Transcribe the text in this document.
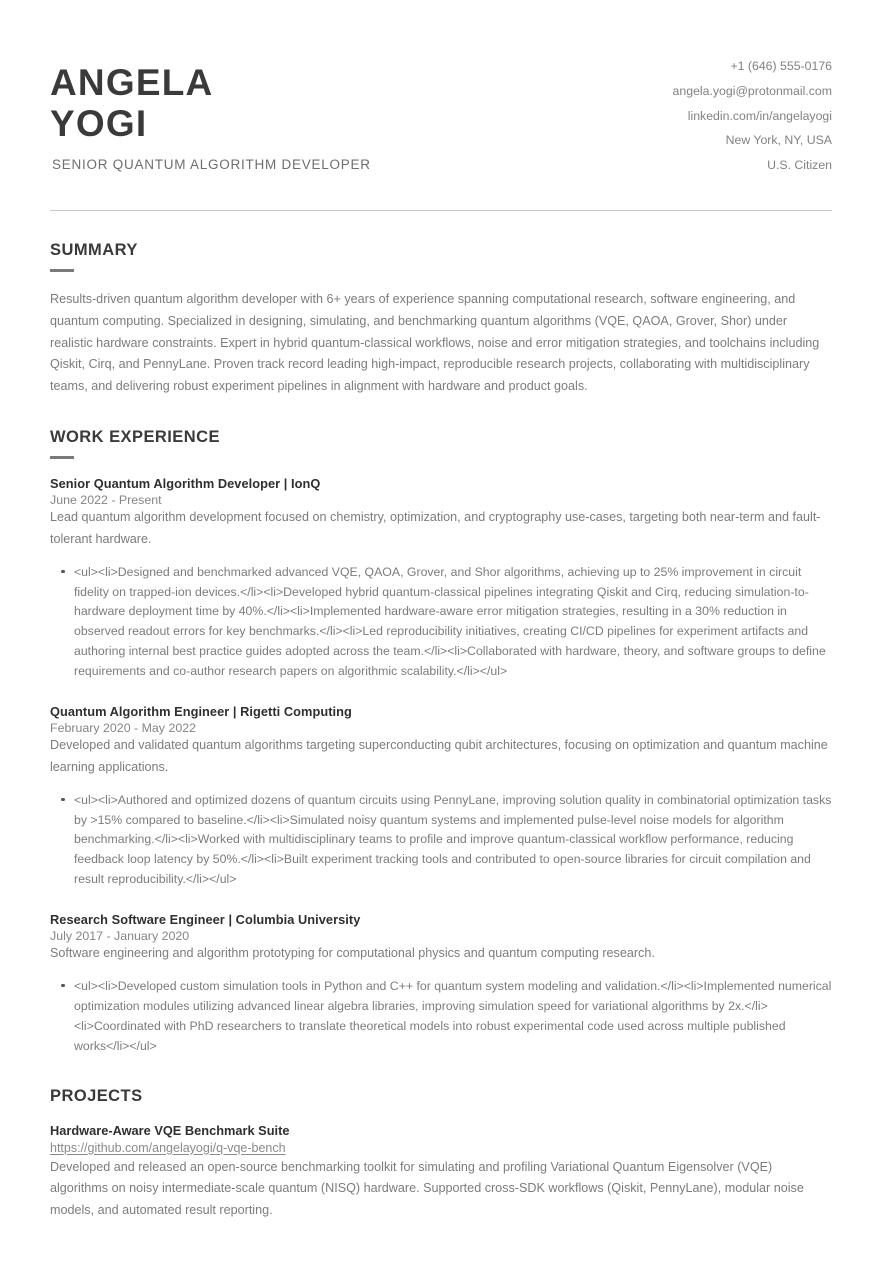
ANGELA
YOGI
SENIOR QUANTUM ALGORITHM DEVELOPER
+1 (646) 555-0176
angela.yogi@protonmail.com
linkedin.com/in/angelayogi
New York, NY, USA
U.S. Citizen
SUMMARY

Results-driven quantum algorithm developer with 6+ years of experience spanning computational research, software engineering, and quantum computing. Specialized in designing, simulating, and benchmarking quantum algorithms (VQE, QAOA, Grover, Shor) under realistic hardware constraints. Expert in hybrid quantum-classical workflows, noise and error mitigation strategies, and toolchains including Qiskit, Cirq, and PennyLane. Proven track record leading high-impact, reproducible research projects, collaborating with multidisciplinary teams, and delivering robust experiment pipelines in alignment with hardware and product goals.

WORK EXPERIENCE
Senior Quantum Algorithm Developer | IonQ
June 2022 - Present

Lead quantum algorithm development focused on chemistry, optimization, and cryptography use-cases, targeting both near-term and fault-tolerant hardware.

<ul><li>Designed and benchmarked advanced VQE, QAOA, Grover, and Shor algorithms, achieving up to 25% improvement in circuit fidelity on trapped-ion devices.</li><li>Developed hybrid quantum-classical pipelines integrating Qiskit and Cirq, reducing simulation-to-hardware deployment time by 40%.</li><li>Implemented hardware-aware error mitigation strategies, resulting in a 30% reduction in observed readout errors for key benchmarks.</li><li>Led reproducibility initiatives, creating CI/CD pipelines for experiment artifacts and authoring internal best practice guides adopted across the team.</li><li>Collaborated with hardware, theory, and software groups to define requirements and co-author research papers on algorithmic scalability.</li></ul>
Quantum Algorithm Engineer | Rigetti Computing
February 2020 - May 2022

Developed and validated quantum algorithms targeting superconducting qubit architectures, focusing on optimization and quantum machine learning applications.

<ul><li>Authored and optimized dozens of quantum circuits using PennyLane, improving solution quality in combinatorial optimization tasks by >15% compared to baseline.</li><li>Simulated noisy quantum systems and implemented pulse-level noise models for algorithm benchmarking.</li><li>Worked with multidisciplinary teams to profile and improve quantum-classical workflow performance, reducing feedback loop latency by 50%.</li><li>Built experiment tracking tools and contributed to open-source libraries for circuit compilation and result reproducibility.</li></ul>
Research Software Engineer | Columbia University
July 2017 - January 2020

Software engineering and algorithm prototyping for computational physics and quantum computing research.

<ul><li>Developed custom simulation tools in Python and C++ for quantum system modeling and validation.</li><li>Implemented numerical optimization modules utilizing advanced linear algebra libraries, improving simulation speed for variational algorithms by 2x.</li><li>Coordinated with PhD researchers to translate theoretical models into robust experimental code used across multiple published works</li></ul>
PROJECTS
Hardware-Aware VQE Benchmark Suite
https://github.com/angelayogi/q-vqe-bench

Developed and released an open-source benchmarking toolkit for simulating and profiling Variational Quantum Eigensolver (VQE) algorithms on noisy intermediate-scale quantum (NISQ) hardware. Supported cross-SDK workflows (Qiskit, PennyLane), modular noise models, and automated result reporting.
